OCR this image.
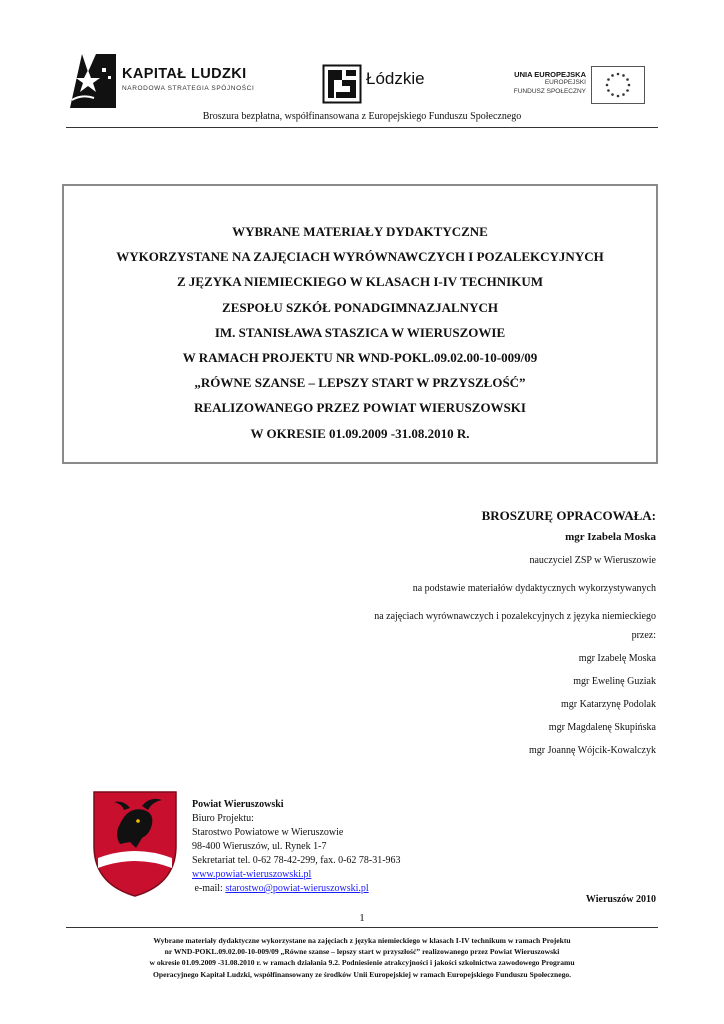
KAPITAŁ LUDZKI
NARODOWA STRATEGIA SPÓJNOŚCI
Łódzkie	UNIA EUROPEJSKA
EUROPEJSKI
FUNDUSZ SPOŁECZNY
Broszura bezpłatna, współfinansowana z Europejskiego Funduszu Społecznego
WYBRANE MATERIAŁY DYDAKTYCZNE
WYKORZYSTANE NA ZAJĘCIACH WYRÓWNAWCZYCH I POZALEKCYJNYCH
Z JĘZYKA NIEMIECKIEGO W KLASACH I-IV TECHNIKUM
ZESPOŁU SZKÓŁ PONADGIMNAZJALNYCH
IM. STANISŁAWA STASZICA W WIERUSZOWIE
W RAMACH PROJEKTU NR WND-POKL.09.02.00-10-009/09
„RÓWNE SZANSE – LEPSZY START W PRZYSZŁOŚĆ”
REALIZOWANEGO PRZEZ POWIAT WIERUSZOWSKI
W OKRESIE 01.09.2009 -31.08.2010 R.
BROSZURĘ OPRACOWAŁA:
mgr Izabela Moska
nauczyciel ZSP w Wieruszowie
na podstawie materiałów dydaktycznych wykorzystywanych
na zajęciach wyrównawczych i pozalekcyjnych z języka niemieckiego
przez:
mgr Izabelę Moska
mgr Ewelinę Guziak
mgr Katarzynę Podolak
mgr Magdalenę Skupińska
mgr Joannę Wójcik-Kowalczyk
Powiat Wieruszowski
Biuro Projektu:
Starostwo Powiatowe w Wieruszowie
98-400 Wieruszów, ul. Rynek 1-7
Sekretariat tel. 0-62 78-42-299, fax. 0-62 78-31-963
www.powiat-wieruszowski.pl
e-mail: starostwo@powiat-wieruszowski.pl
Wieruszów 2010
1
Wybrane materiały dydaktyczne wykorzystane na zajęciach z języka niemieckiego w klasach I-IV technikum w ramach Projektu
nr WND-POKL.09.02.00-10-009/09 „Równe szanse – lepszy start w przyszłość” realizowanego przez Powiat Wieruszowski
w okresie 01.09.2009 -31.08.2010 r. w ramach działania 9.2. Podniesienie atrakcyjności i jakości szkolnictwa zawodowego Programu
Operacyjnego Kapitał Ludzki, współfinansowany ze środków Unii Europejskiej w ramach Europejskiego Funduszu Społecznego.
